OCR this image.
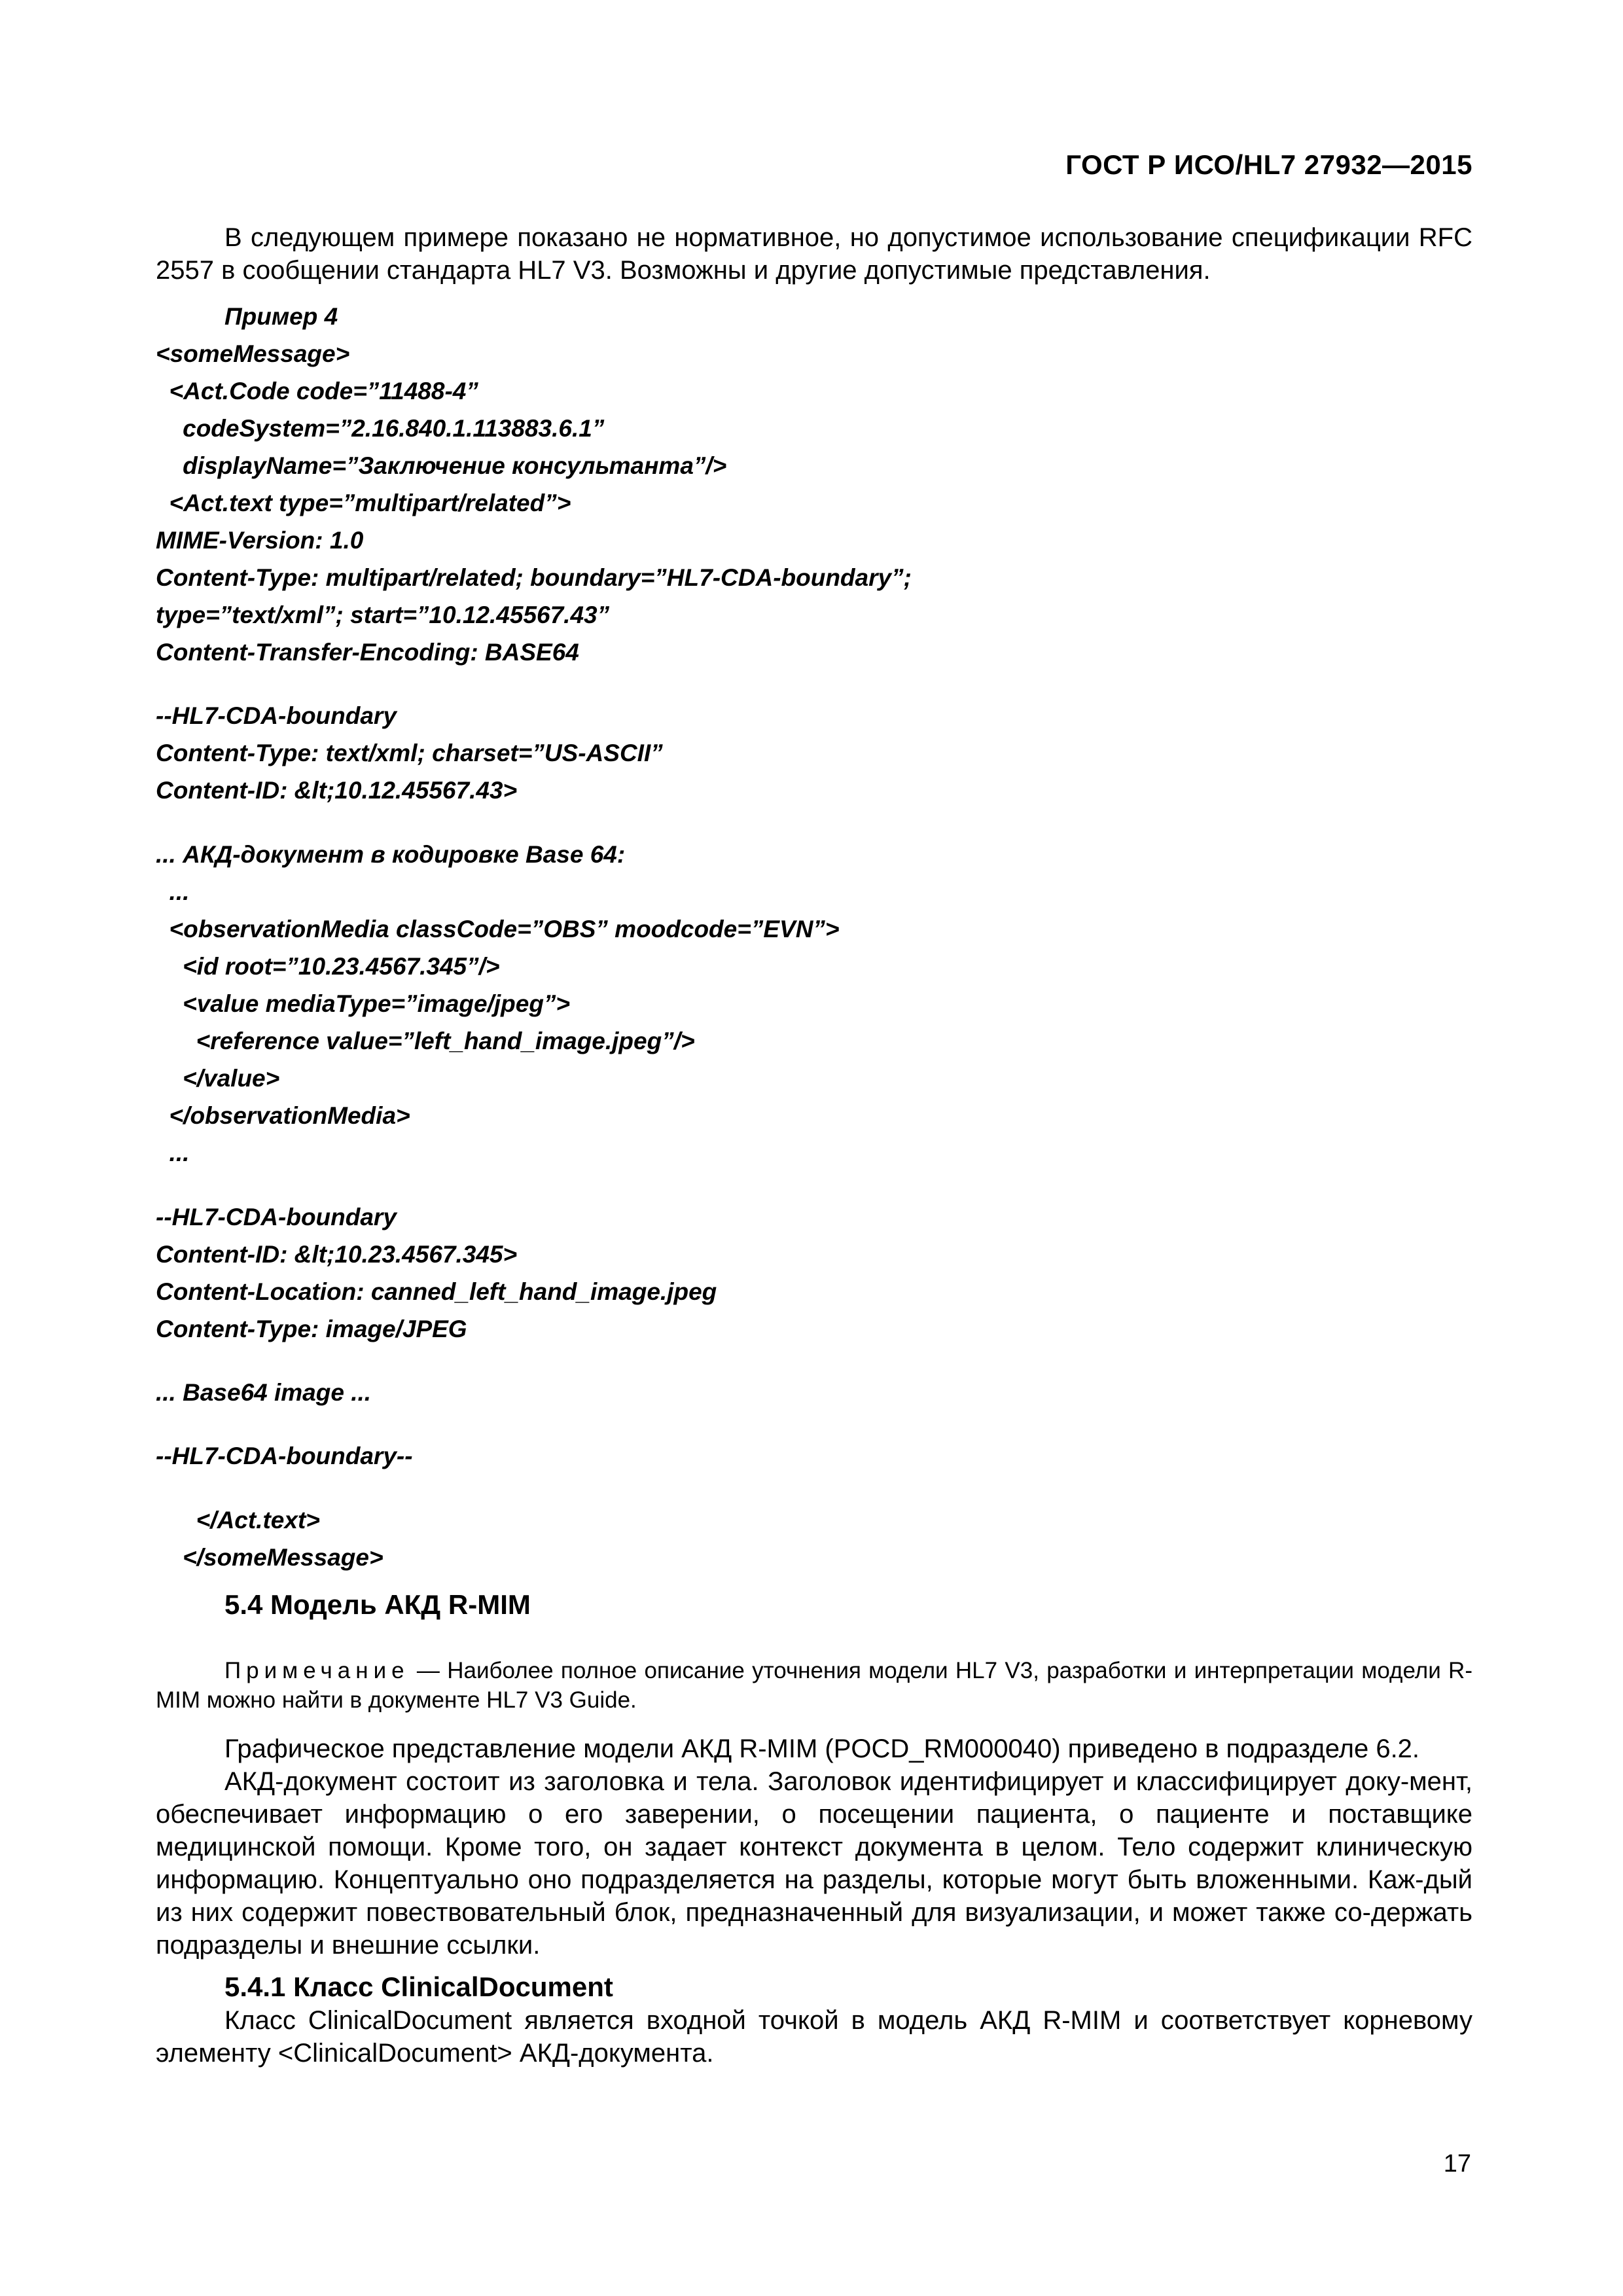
ГОСТ Р ИСО/HL7 27932—2015
В следующем примере показано не нормативное, но допустимое использование спецификации RFC 2557 в сообщении стандарта HL7 V3. Возможны и другие допустимые представления.
Пример 4
<someMessage>
<Act.Code code=”11488-4”
codeSystem=”2.16.840.1.113883.6.1”
displayName=”Заключение консультанта”/>
<Act.text type=”multipart/related”>
MIME-Version: 1.0
Content-Type: multipart/related; boundary=”HL7-CDA-boundary”;
type=”text/xml”; start=”10.12.45567.43”
Content-Transfer-Encoding: BASE64
--HL7-CDA-boundary
Content-Type: text/xml; charset=”US-ASCII”
Content-ID: &lt;10.12.45567.43>
... АКД-документ в кодировке Base 64:
...
<observationMedia classCode=”OBS” moodcode=”EVN”>
<id root=”10.23.4567.345”/>
<value mediaType=”image/jpeg”>
<reference value=”left_hand_image.jpeg”/>
</value>
</observationMedia>
...
--HL7-CDA-boundary
Content-ID: &lt;10.23.4567.345>
Content-Location: canned_left_hand_image.jpeg
Content-Type: image/JPEG
... Base64 image ...
--HL7-CDA-boundary--
</Act.text>
</someMessage>
5.4 Модель АКД R-MIM
Примечание — Наиболее полное описание уточнения модели HL7 V3, разработки и интерпретации модели R-MIM можно найти в документе HL7 V3 Guide.
Графическое представление модели АКД R-MIM (POCD_RM000040) приведено в подразделе 6.2.
АКД-документ состоит из заголовка и тела. Заголовок идентифицирует и классифицирует доку-мент, обеспечивает информацию о его заверении, о посещении пациента, о пациенте и поставщике медицинской помощи. Кроме того, он задает контекст документа в целом. Тело содержит клиническую информацию. Концептуально оно подразделяется на разделы, которые могут быть вложенными. Каж-дый из них содержит повествовательный блок, предназначенный для визуализации, и может также со-держать подразделы и внешние ссылки.
5.4.1 Класс ClinicalDocument
Класс ClinicalDocument является входной точкой в модель АКД R-MIM и соответствует корневому элементу <ClinicalDocument> АКД-документа.
17
